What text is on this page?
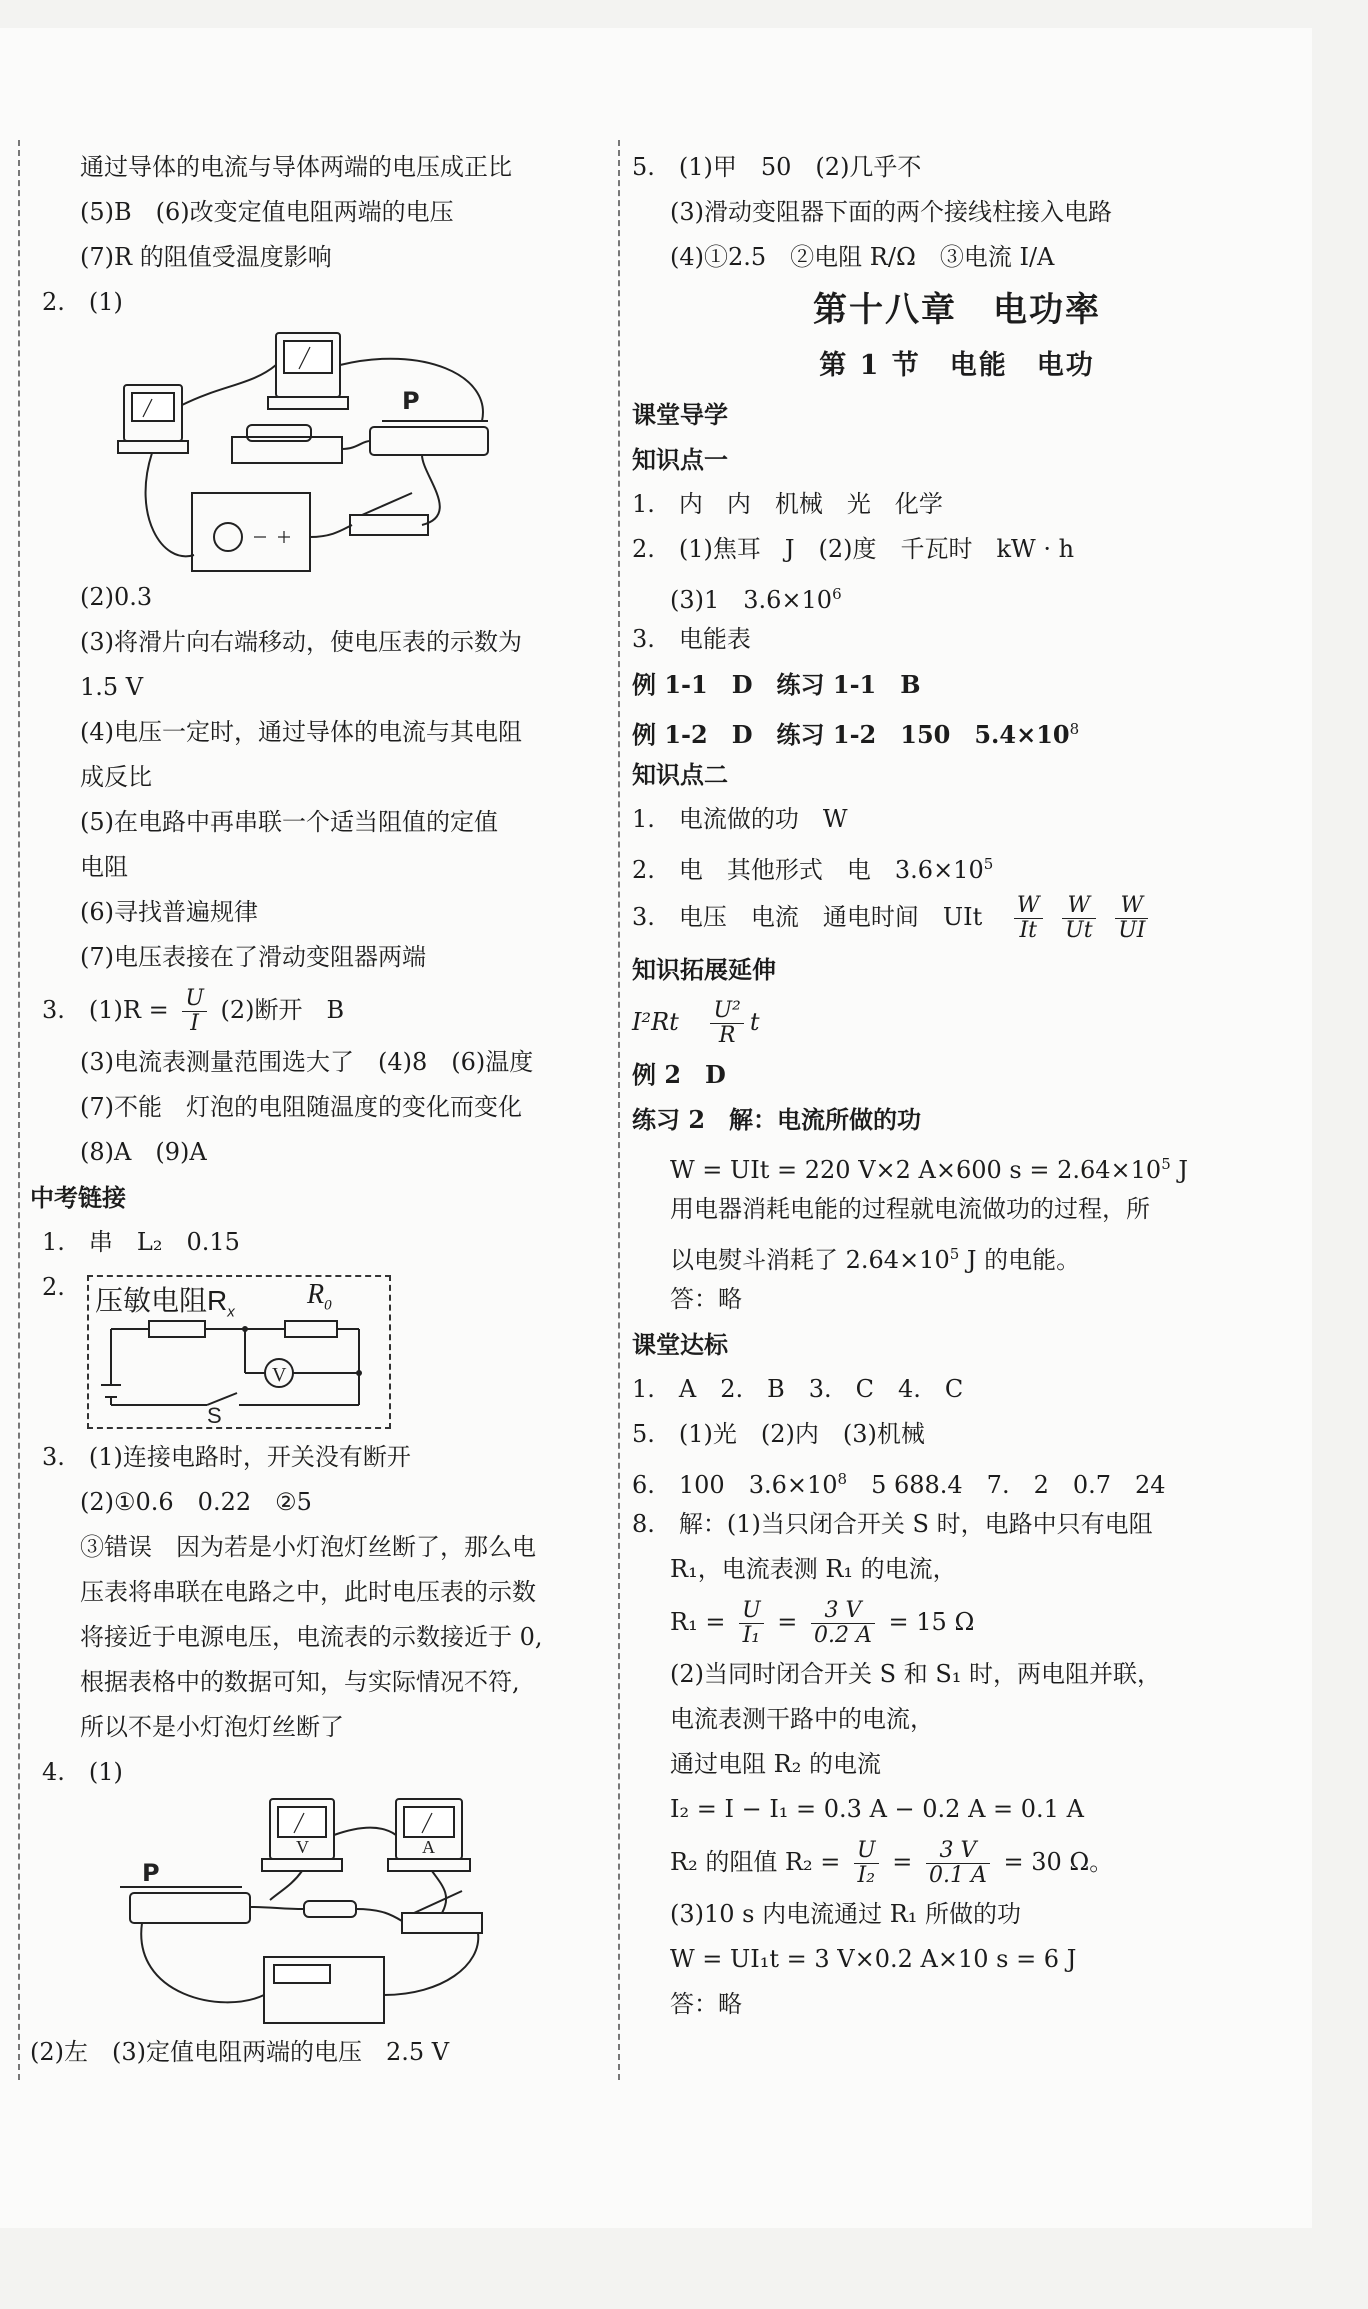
通过导体的电流与导体两端的电压成正比
(5)B　(6)改变定值电阻两端的电压
(7)R 的阻值受温度影响
2.　(1)
P
(2)0.3
(3)将滑片向右端移动，使电压表的示数为
1.5 V
(4)电压一定时，通过导体的电流与其电阻
成反比
(5)在电路中再串联一个适当阻值的定值
电阻
(6)寻找普遍规律
(7)电压表接在了滑动变阻器两端
3.　$(1)R = \frac{U}{I} (2)$断开　B
(3)电流表测量范围选大了　(4)8　(6)温度
(7)不能　灯泡的电阻随温度的变化而变化
(8)A　(9)A
中考链接
1.　串　L₂　0.15
2. 压敏电阻$R_x$
$R_0$
V
S
3.　(1)连接电路时，开关没有断开
(2)①0.6　0.22　②5
③错误　因为若是小灯泡灯丝断了，那么电
压表将串联在电路之中，此时电压表的示数
将接近于电源电压，电流表的示数接近于 0,
根据表格中的数据可知，与实际情况不符,
所以不是小灯泡灯丝断了
4.　(1)
V	A
P
(2)左　(3)定值电阻两端的电压　2.5 V
5.　(1)甲　50　(2)几乎不
(3)滑动变阻器下面的两个接线柱接入电路
(4)①2.5　②电阻 R/Ω　③电流 I/A
第十八章　电功率
第 1 节　电能　电功
课堂导学
知识点一
1.　内　内　机械　光　化学
2.　(1)焦耳　J　(2)度　千瓦时　kW · h
(3)1　$3.6\times 10^6$
3.　电能表
例 1-1　D　练习 1-1　B
例 1-2　D　练习 1-2　150　$5.4\times 10^8$
知识点二
1.　电流做的功　W
2.　电　其他形式　电　$3.6\times 10^5$
3.　电压　电流　通电时间　UIt $\frac{W}{It}$
$\frac{W}{Ut}$
$\frac{W}{UI}$
知识拓展延伸
$I^2Rt \frac{\text{U²}}{R}$ t
例 2　D
练习 2　解：电流所做的功
W = UIt = 220 V×2 A×600 $s = 2.64\times 10^5$ J
用电器消耗电能的过程就电流做功的过程，所
以电熨斗消耗了 $2.64\times 10^5$ J 的电能。
答：略
课堂达标
1.　A　2.　B　3.　C　4.　C
5.　(1)光　(2)内　(3)机械
6.　100　$3.6\times 10^8$　5 688.4　7.　2　0.7　24
8.　解：(1)当只闭合开关 S 时，电路中只有电阻
R₁，电流表测 R₁ 的电流，
$R_1 = \frac{U}{\text{I₁}} = \frac{3 V}{0.2 A} = 15$ Ω
(2)当同时闭合开关 S 和 S₁ 时，两电阻并联，
电流表测干路中的电流，
通过电阻 R₂ 的电流
I₂ = I − I₁ = 0.3 A − 0.2 A = 0.1 A
R₂ 的阻值 $R_2 = \frac{U}{\text{I₂}} = \frac{3 V}{0.1 A} = 30$ Ω。
(3)10 s 内电流通过 R₁ 所做的功
W = UI₁t = 3 V×0.2 A×10 s = 6 J
答：略
